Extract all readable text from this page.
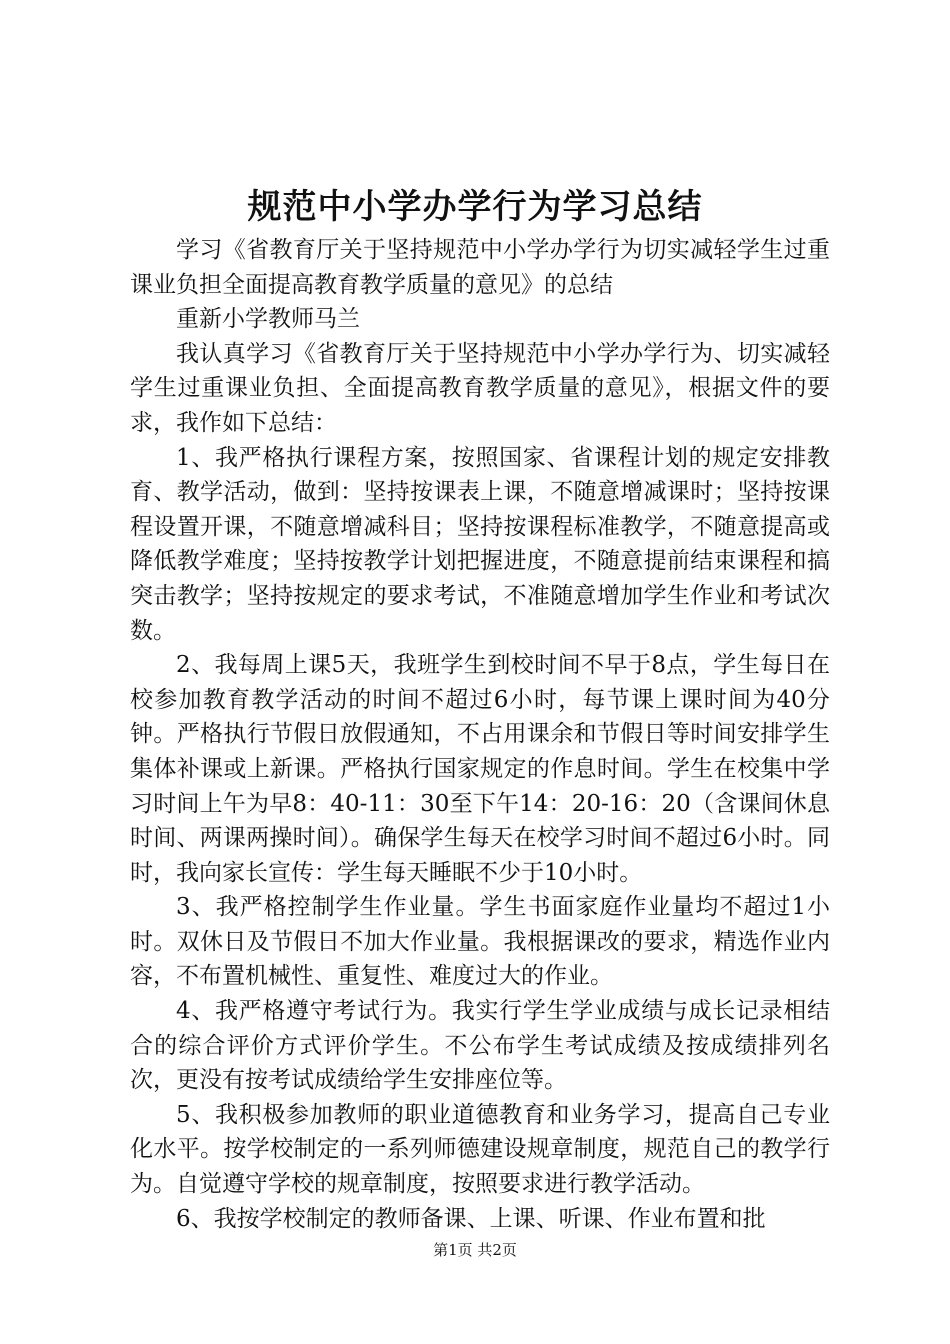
规范中小学办学行为学习总结

学习《省教育厅关于坚持规范中小学办学行为切实减轻学生过重课业负担全面提高教育教学质量的意见》的总结

重新小学教师马兰

我认真学习《省教育厅关于坚持规范中小学办学行为、切实减轻学生过重课业负担、全面提高教育教学质量的意见》，根据文件的要求，我作如下总结：

1、我严格执行课程方案，按照国家、省课程计划的规定安排教育、教学活动，做到：坚持按课表上课，不随意增减课时；坚持按课程设置开课，不随意增减科目；坚持按课程标准教学，不随意提高或降低教学难度；坚持按教学计划把握进度，不随意提前结束课程和搞突击教学；坚持按规定的要求考试，不准随意增加学生作业和考试次数。

2、我每周上课5天，我班学生到校时间不早于8点，学生每日在校参加教育教学活动的时间不超过6小时，每节课上课时间为40分钟。严格执行节假日放假通知，不占用课余和节假日等时间安排学生集体补课或上新课。严格执行国家规定的作息时间。学生在校集中学习时间上午为早8：40-11：30至下午14：20-16：20（含课间休息时间、两课两操时间）。确保学生每天在校学习时间不超过6小时。同时，我向家长宣传：学生每天睡眠不少于10小时。

3、我严格控制学生作业量。学生书面家庭作业量均不超过1小时。双休日及节假日不加大作业量。我根据课改的要求，精选作业内容，不布置机械性、重复性、难度过大的作业。

4、我严格遵守考试行为。我实行学生学业成绩与成长记录相结合的综合评价方式评价学生。不公布学生考试成绩及按成绩排列名次，更没有按考试成绩给学生安排座位等。

5、我积极参加教师的职业道德教育和业务学习，提高自己专业化水平。按学校制定的一系列师德建设规章制度，规范自己的教学行为。自觉遵守学校的规章制度，按照要求进行教学活动。

6、我按学校制定的教师备课、上课、听课、作业布置和批

第1页 共2页
